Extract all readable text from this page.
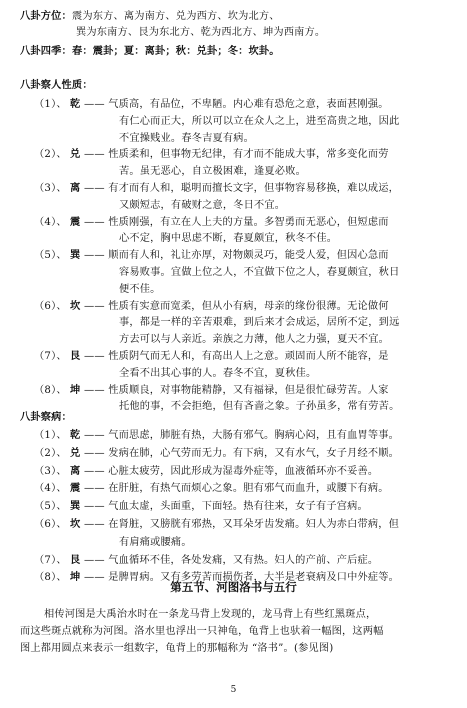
八卦方位：震为东方、离为南方、兑为西方、坎为北方、
巽为东南方、艮为东北方、乾为西北方、坤为西南方。
八卦四季：春：震卦；夏：离卦；秋：兑卦；冬：坎卦。
八卦察人性质：
（1）、 乾 —— 气质高，有品位，不卑陋。内心难有恐危之意，表面甚刚强。
有仁心而正大，所以可以立在众人之上，进至高贵之地，因此
不宜操贱业。春冬吉夏有病。
（2）、 兑 —— 性质柔和，但事物无纪律，有才而不能成大事，常多变化而劳
苦。虽无恶心，自立极困难，逢夏必败。
（3）、 离 —— 有才而有人和，聪明而擅长文字，但事物容易移换，难以成运，
又颇短志，有破财之意，冬日不宜。
（4）、 震 —— 性质刚强，有立在人上夫的方量。多智勇而无恶心，但短虑而
心不定，胸中思虑不断，春夏颇宜，秋冬不佳。
（5）、 巽 —— 顺而有人和，礼让亦厚，对物颇灵巧，能受人爱，但因心急而
容易败事。宜做上位之人，不宜做下位之人，春夏颇宜，秋日
便不佳。
（6）、 坎 —— 性质有实意而宽柔，但从小有病，母亲的缘份很薄。无论做何
事，都是一样的辛苦艰难，到后来才会成运，居所不定，到远
方去可以与人亲近。亲族之力薄，他人之力强，夏天不宜。
（7）、 艮 —— 性质阴气而无人和，有高出人上之意。顽固而人所不能容，是
全看不出其心事的人。春冬不宜，夏秋佳。
（8）、 坤 —— 性质顺良，对事物能精静，又有福禄，但是很忙碌劳苦。人家
托他的事，不会拒绝，但有吝啬之象。子孙虽多，常有劳苦。
八卦察病：
（1）、 乾 —— 气而思虑，肺脏有热，大肠有邪气。胸病心闷，且有血胃等事。
（2）、 兑 —— 发病在肺，心气劳而无力。有下病，又有水气，女子月经不顺。
（3）、 离 —— 心脏太疲劳，因此形成为湿毒外症等，血液循环亦不妥善。
（4）、 震 —— 在肝脏，有热气而烦心之象。胆有邪气而血升，或腰下有病。
（5）、 巽 —— 气血太虚，头面重，下面轻。热有往来，女子有子宫病。
（6）、 坎 —— 在肾脏，又膀胱有邪热，又耳朵牙齿发痛。妇人为赤白带病，但
有肩痛或腰痛。
（7）、 艮 —— 气血循环不佳，各处发痛，又有热。妇人的产前、产后症。
（8）、 坤 —— 是脾胃病。又有多劳苦而损伤者，大半是老衰病及口中外症等。
第五节、河图洛书与五行
相传河图是大禹治水时在一条龙马背上发现的，龙马背上有些红黑斑点，
而这些斑点就称为河图。洛水里也浮出一只神龟，龟背上也驮着一幅图，这两幅
图上都用圆点来表示一组数字，龟背上的那幅称为 “洛书”。(参见图)
5
